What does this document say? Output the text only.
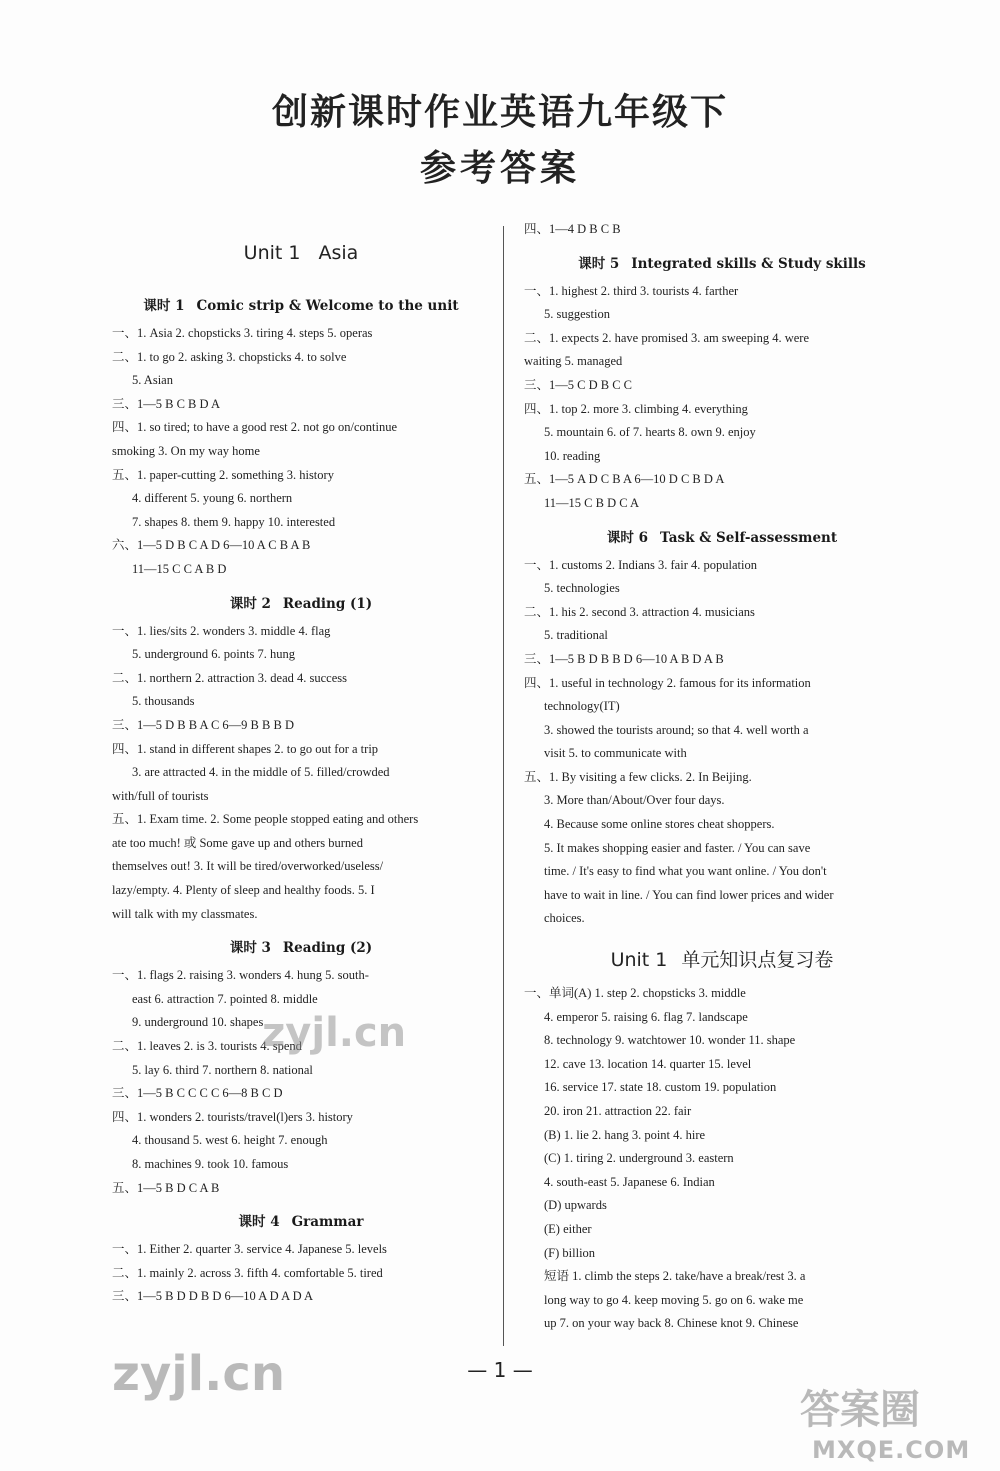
创新课时作业英语九年级下
参考答案
Unit 1 Asia
课时 1 Comic strip & Welcome to the unit
一、1. Asia 2. chopsticks 3. tiring 4. steps 5. operas
二、1. to go 2. asking 3. chopsticks 4. to solve
5. Asian
三、1—5 B C B D A
四、1. so tired; to have a good rest 2. not go on/continue
smoking 3. On my way home
五、1. paper-cutting 2. something 3. history
4. different 5. young 6. northern
7. shapes 8. them 9. happy 10. interested
六、1—5 D B C A D 6—10 A C B A B
11—15 C C A B D
课时 2 Reading (1)
一、1. lies/sits 2. wonders 3. middle 4. flag
5. underground 6. points 7. hung
二、1. northern 2. attraction 3. dead 4. success
5. thousands
三、1—5 D B B A C 6—9 B B B D
四、1. stand in different shapes 2. to go out for a trip
3. are attracted 4. in the middle of 5. filled/crowded
with/full of tourists
五、1. Exam time. 2. Some people stopped eating and others
ate too much! 或 Some gave up and others burned
themselves out! 3. It will be tired/overworked/useless/
lazy/empty. 4. Plenty of sleep and healthy foods. 5. I
will talk with my classmates.
课时 3 Reading (2)
一、1. flags 2. raising 3. wonders 4. hung 5. south-
east 6. attraction 7. pointed 8. middle
9. underground 10. shapes
二、1. leaves 2. is 3. tourists 4. spend
5. lay 6. third 7. northern 8. national
三、1—5 B C C C C 6—8 B C D
四、1. wonders 2. tourists/travel(l)ers 3. history
4. thousand 5. west 6. height 7. enough
8. machines 9. took 10. famous
五、1—5 B D C A B
课时 4 Grammar
一、1. Either 2. quarter 3. service 4. Japanese 5. levels
二、1. mainly 2. across 3. fifth 4. comfortable 5. tired
三、1—5 B D D B D 6—10 A D A D A
四、1—4 D B C B
课时 5 Integrated skills & Study skills
一、1. highest 2. third 3. tourists 4. farther
5. suggestion
二、1. expects 2. have promised 3. am sweeping 4. were
waiting 5. managed
三、1—5 C D B C C
四、1. top 2. more 3. climbing 4. everything
5. mountain 6. of 7. hearts 8. own 9. enjoy
10. reading
五、1—5 A D C B A 6—10 D C B D A
11—15 C B D C A
课时 6 Task & Self-assessment
一、1. customs 2. Indians 3. fair 4. population
5. technologies
二、1. his 2. second 3. attraction 4. musicians
5. traditional
三、1—5 B D B B D 6—10 A B D A B
四、1. useful in technology 2. famous for its information
technology(IT)
3. showed the tourists around; so that 4. well worth a
visit 5. to communicate with
五、1. By visiting a few clicks. 2. In Beijing.
3. More than/About/Over four days.
4. Because some online stores cheat shoppers.
5. It makes shopping easier and faster. / You can save
time. / It's easy to find what you want online. / You don't
have to wait in line. / You can find lower prices and wider
choices.
Unit 1 单元知识点复习卷
一、单词(A) 1. step 2. chopsticks 3. middle
4. emperor 5. raising 6. flag 7. landscape
8. technology 9. watchtower 10. wonder 11. shape
12. cave 13. location 14. quarter 15. level
16. service 17. state 18. custom 19. population
20. iron 21. attraction 22. fair
(B) 1. lie 2. hang 3. point 4. hire
(C) 1. tiring 2. underground 3. eastern
4. south-east 5. Japanese 6. Indian
(D) upwards
(E) either
(F) billion
短语 1. climb the steps 2. take/have a break/rest 3. a
long way to go 4. keep moving 5. go on 6. wake me
up 7. on your way back 8. Chinese knot 9. Chinese
— 1 —
zyjl.cn
zyjl.cn
答案圈
MXQE.COM
